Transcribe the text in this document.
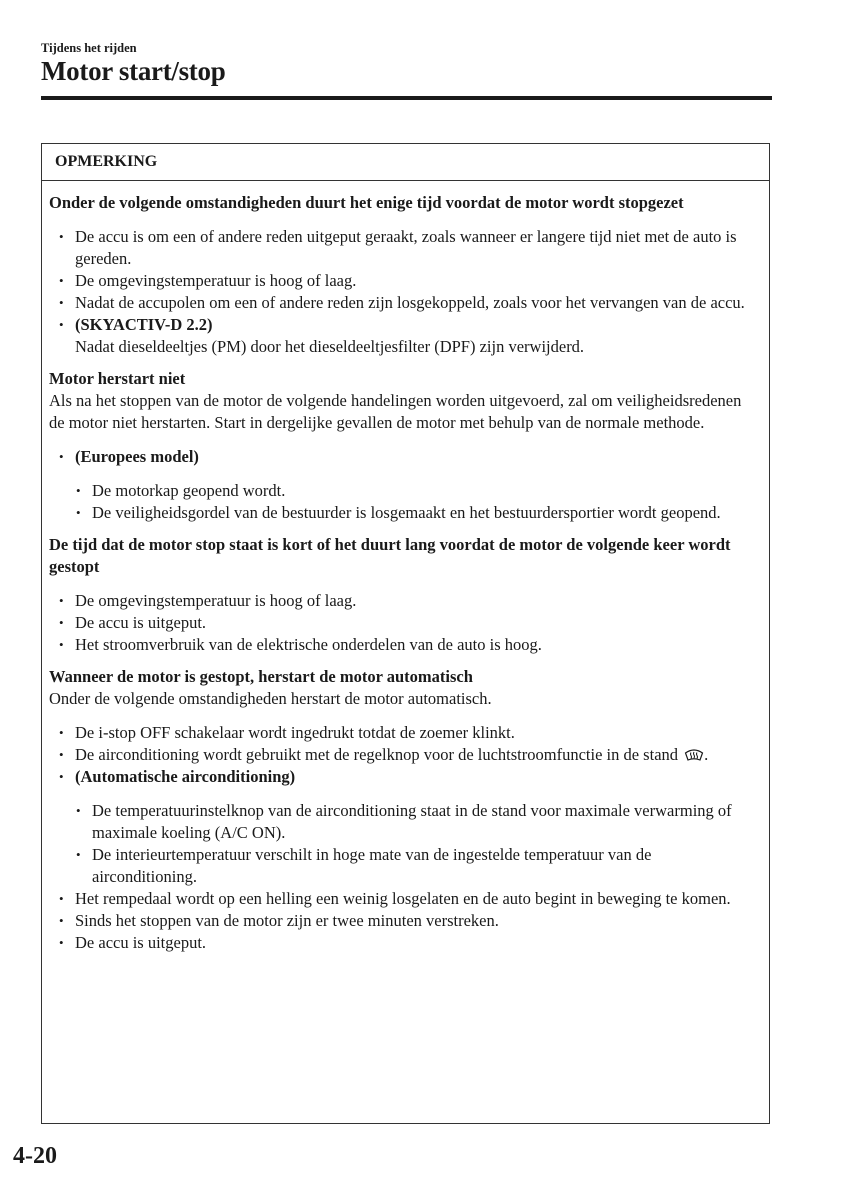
Tijdens het rijden
Motor start/stop
OPMERKING
Onder de volgende omstandigheden duurt het enige tijd voordat de motor wordt stopgezet
• De accu is om een of andere reden uitgeput geraakt, zoals wanneer er langere tijd niet met de auto is gereden.
• De omgevingstemperatuur is hoog of laag.
• Nadat de accupolen om een of andere reden zijn losgekoppeld, zoals voor het vervangen van de accu.
• (SKYACTIV-D 2.2)
Nadat dieseldeeltjes (PM) door het dieseldeeltjesfilter (DPF) zijn verwijderd.
Motor herstart niet
Als na het stoppen van de motor de volgende handelingen worden uitgevoerd, zal om veiligheidsredenen de motor niet herstarten. Start in dergelijke gevallen de motor met behulp van de normale methode.
• (Europees model)
• De motorkap geopend wordt.
• De veiligheidsgordel van de bestuurder is losgemaakt en het bestuurdersportier wordt geopend.
De tijd dat de motor stop staat is kort of het duurt lang voordat de motor de volgende keer wordt gestopt
• De omgevingstemperatuur is hoog of laag.
• De accu is uitgeput.
• Het stroomverbruik van de elektrische onderdelen van de auto is hoog.
Wanneer de motor is gestopt, herstart de motor automatisch
Onder de volgende omstandigheden herstart de motor automatisch.
• De i-stop OFF schakelaar wordt ingedrukt totdat de zoemer klinkt.
• De airconditioning wordt gebruikt met de regelknop voor de luchtstroomfunctie in de stand .
• (Automatische airconditioning)
• De temperatuurinstelknop van de airconditioning staat in de stand voor maximale verwarming of maximale koeling (A/C ON).
• De interieurtemperatuur verschilt in hoge mate van de ingestelde temperatuur van de airconditioning.
• Het rempedaal wordt op een helling een weinig losgelaten en de auto begint in beweging te komen.
• Sinds het stoppen van de motor zijn er twee minuten verstreken.
• De accu is uitgeput.
4-20
